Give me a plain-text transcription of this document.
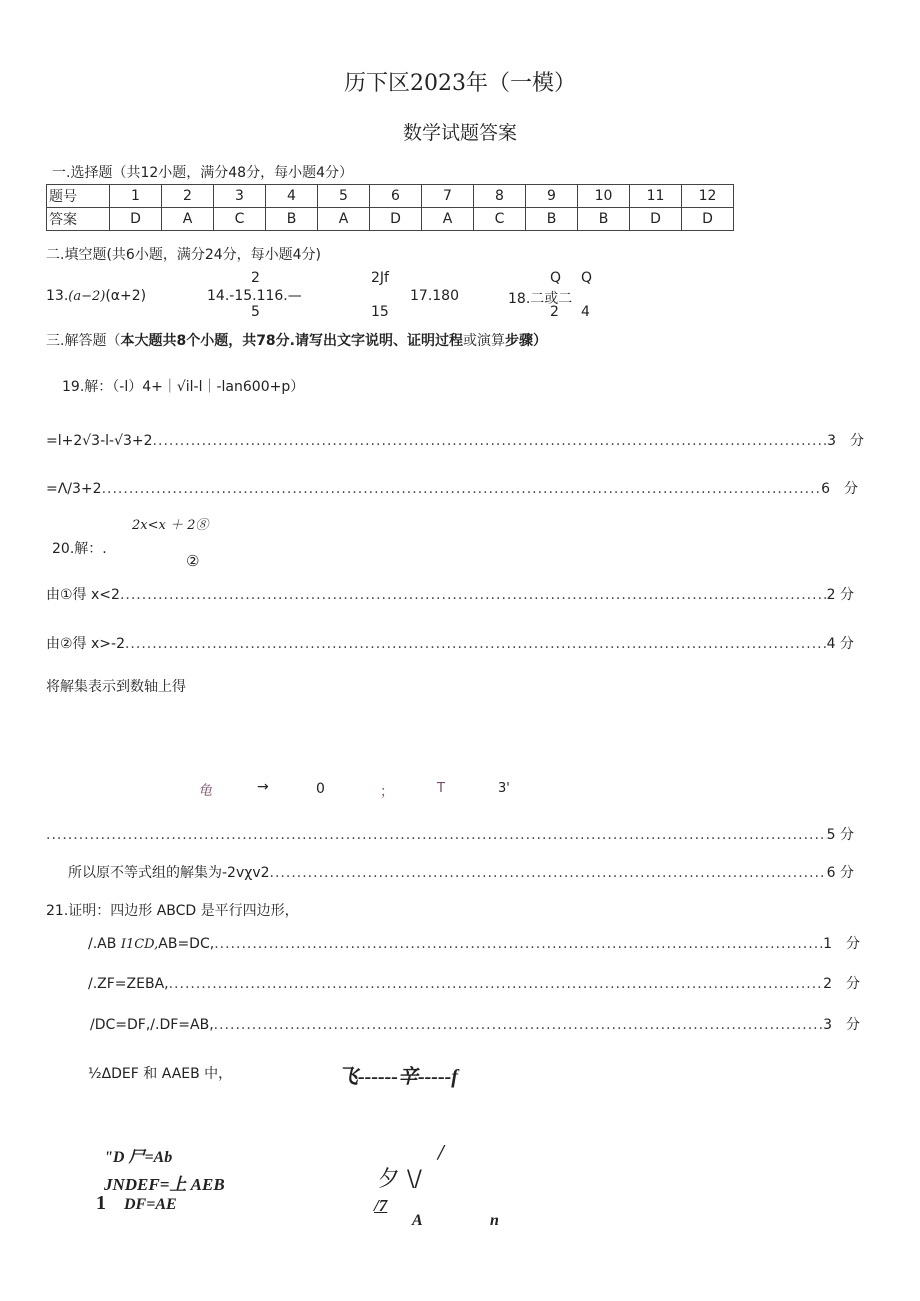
历下区2023年（一模）
数学试题答案
一.选择题（共12小题，满分48分，每小题4分）
题号	1	2	3	4	5	6	7	8	9	10	11	12
答案	D	A	C	B	A	D	A	C	B	B	D	D
二.填空题(共6小题，满分24分，每小题4分)
2
5
2Jf
15
Q Q
2 4
13.(a−2)(α+2)	14.-15.116.—	17.180	18.二或二
三.解答题（本大题共8个小题，共78分.请写出文字说明、证明过程或演算步骤）
19.解：（-l）4+｜√il-l｜-lan600+p）
=l+2√3-l-√3+2 .....	3　分
=Λ/3+2 .....	6　分
2x<x ＋ 2⑧
20.解：.
②
由①得 x<2 .....	2 分
由②得 x>-2 .....	4 分
将解集表示到数轴上得
龟	→	0	；	T	3'
.....
5 分
所以原不等式组的解集为-2vχv2 .....	6 分
21.证明：四边形 ABCD 是平行四边形，
/.AB I1CD,AB=DC, .....	1　分
/.ZF=ZEBA, .....	2　分
/DC=DF,/.DF=AB, .....	3　分
½ΔDEF 和 AAEB 中，	飞------辛-----f
"D 尸=Ab
JNDEF=上 AEB
1 DF=AE
/
夕 \/
/7
A	n
